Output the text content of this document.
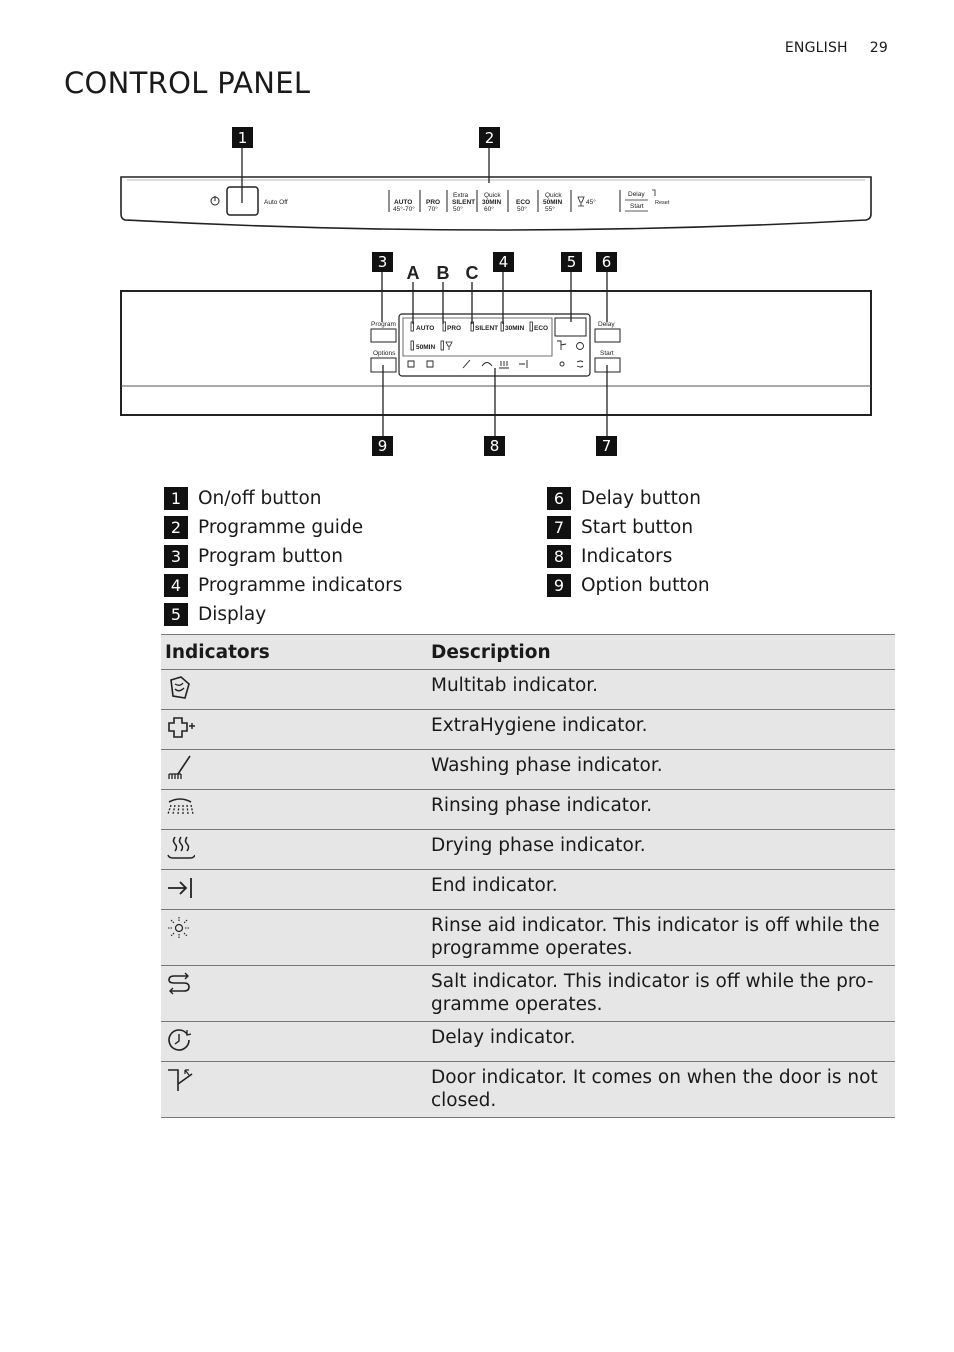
ENGLISH 29
CONTROL PANEL
Auto Off	AUTO
45°-70°
PRO
70°
Extra
SILENT
50°
Quick
30MIN
60°
ECO
50°
Quick
50MIN
55°
45°
Delay
Start Reset
Program
Options
Delay
Start
AUTO PRO SILENT 30MIN ECO
50MIN
1	2
3	4	5 6
7
8
9
A B C
1 On/off button
2 Programme guide
3 Program button
4 Programme indicators
5 Display
6 Delay button
7 Start button
8 Indicators
9 Option button
Indicators	Description

	Multitab indicator.

	ExtraHygiene indicator.

	Washing phase indicator.

	Rinsing phase indicator.

	Drying phase indicator.

	End indicator.

	Rinse aid indicator. This indicator is off while the programme operates.

	Salt indicator. This indicator is off while the pro-gramme operates.

	Delay indicator.

	Door indicator. It comes on when the door is not closed.
